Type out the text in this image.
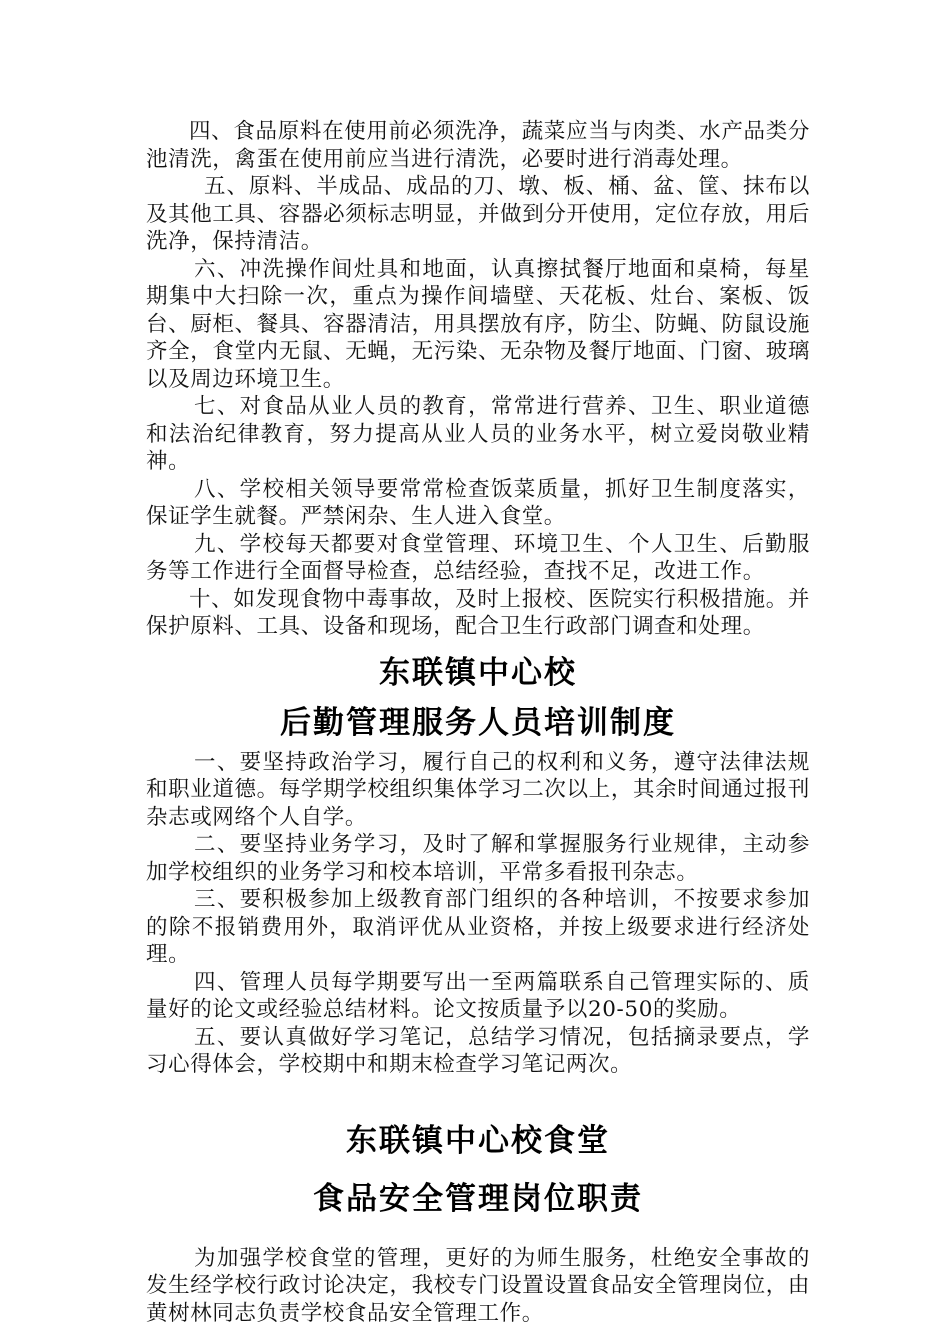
四、食品原料在使用前必须洗净，蔬菜应当与肉类、水产品类分池清洗，禽蛋在使用前应当进行清洗，必要时进行消毒处理。

五、原料、半成品、成品的刀、墩、板、桶、盆、筐、抹布以及其他工具、容器必须标志明显，并做到分开使用，定位存放，用后洗净，保持清洁。

六、冲洗操作间灶具和地面，认真擦拭餐厅地面和桌椅，每星期集中大扫除一次，重点为操作间墙壁、天花板、灶台、案板、饭台、厨柜、餐具、容器清洁，用具摆放有序，防尘、防蝇、防鼠设施齐全，食堂内无鼠、无蝇，无污染、无杂物及餐厅地面、门窗、玻璃以及周边环境卫生。

七、对食品从业人员的教育，常常进行营养、卫生、职业道德和法治纪律教育，努力提高从业人员的业务水平，树立爱岗敬业精神。

八、学校相关领导要常常检查饭菜质量，抓好卫生制度落实，保证学生就餐。严禁闲杂、生人进入食堂。

九、学校每天都要对食堂管理、环境卫生、个人卫生、后勤服务等工作进行全面督导检查，总结经验，查找不足，改进工作。

十、如发现食物中毒事故，及时上报校、医院实行积极措施。并保护原料、工具、设备和现场，配合卫生行政部门调查和处理。

东联镇中心校
后勤管理服务人员培训制度

一、要坚持政治学习，履行自己的权利和义务，遵守法律法规和职业道德。每学期学校组织集体学习二次以上，其余时间通过报刊杂志或网络个人自学。

二、要坚持业务学习，及时了解和掌握服务行业规律，主动参加学校组织的业务学习和校本培训，平常多看报刊杂志。

三、要积极参加上级教育部门组织的各种培训，不按要求参加的除不报销费用外，取消评优从业资格，并按上级要求进行经济处理。

四、管理人员每学期要写出一至两篇联系自己管理实际的、质量好的论文或经验总结材料。论文按质量予以20-50的奖励。

五、要认真做好学习笔记，总结学习情况，包括摘录要点，学习心得体会，学校期中和期末检查学习笔记两次。

东联镇中心校食堂
食品安全管理岗位职责

为加强学校食堂的管理，更好的为师生服务，杜绝安全事故的发生经学校行政讨论决定，我校专门设置设置食品安全管理岗位，由黄树林同志负责学校食品安全管理工作。
